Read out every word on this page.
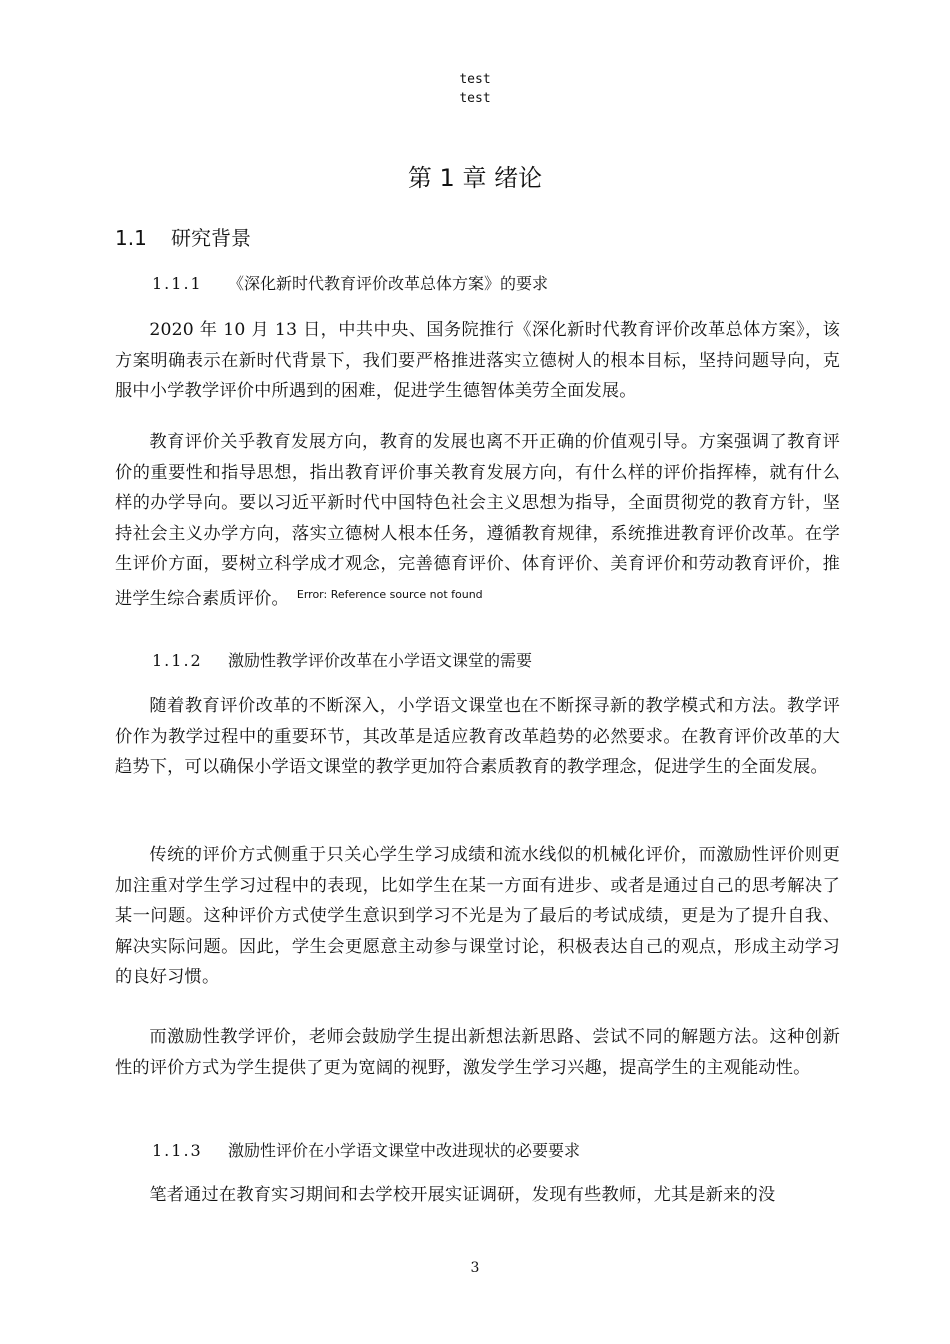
test
test
第 1 章 绪论
1.1 研究背景
1.1.1 《深化新时代教育评价改革总体方案》的要求
2020 年 10 月 13 日，中共中央、国务院推行《深化新时代教育评价改革总体方案》，该方案明确表示在新时代背景下，我们要严格推进落实立德树人的根本目标，坚持问题导向，克服中小学教学评价中所遇到的困难，促进学生德智体美劳全面发展。
教育评价关乎教育发展方向，教育的发展也离不开正确的价值观引导。方案强调了教育评价的重要性和指导思想，指出教育评价事关教育发展方向，有什么样的评价指挥棒，就有什么样的办学导向。要以习近平新时代中国特色社会主义思想为指导，全面贯彻党的教育方针，坚持社会主义办学方向，落实立德树人根本任务，遵循教育规律，系统推进教育评价改革。在学生评价方面，要树立科学成才观念，完善德育评价、体育评价、美育评价和劳动教育评价，推进学生综合素质评价。 $^{Error: Reference source not found}$
1.1.2 激励性教学评价改革在小学语文课堂的需要
随着教育评价改革的不断深入，小学语文课堂也在不断探寻新的教学模式和方法。教学评价作为教学过程中的重要环节，其改革是适应教育改革趋势的必然要求。在教育评价改革的大趋势下，可以确保小学语文课堂的教学更加符合素质教育的教学理念，促进学生的全面发展。
传统的评价方式侧重于只关心学生学习成绩和流水线似的机械化评价，而激励性评价则更加注重对学生学习过程中的表现，比如学生在某一方面有进步、或者是通过自己的思考解决了某一问题。这种评价方式使学生意识到学习不光是为了最后的考试成绩，更是为了提升自我、解决实际问题。因此，学生会更愿意主动参与课堂讨论，积极表达自己的观点，形成主动学习的良好习惯。
而激励性教学评价，老师会鼓励学生提出新想法新思路、尝试不同的解题方法。这种创新性的评价方式为学生提供了更为宽阔的视野，激发学生学习兴趣，提高学生的主观能动性。
1.1.3 激励性评价在小学语文课堂中改进现状的必要要求
笔者通过在教育实习期间和去学校开展实证调研，发现有些教师，尤其是新来的没
3
